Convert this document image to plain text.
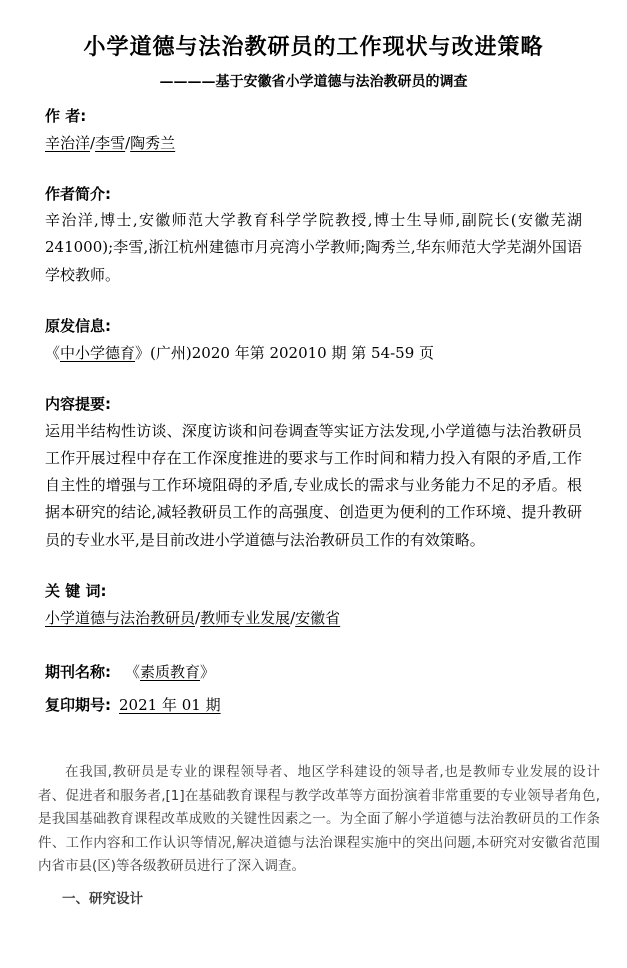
小学道德与法治教研员的工作现状与改进策略
————基于安徽省小学道德与法治教研员的调查
作 者:
辛治洋/李雪/陶秀兰
作者简介:

辛治洋,博士,安徽师范大学教育科学学院教授,博士生导师,副院长(安徽芜湖 241000);李雪,浙江杭州建德市月亮湾小学教师;陶秀兰,华东师范大学芜湖外国语学校教师。

原发信息:
《中小学德育》(广州)2020 年第 202010 期 第 54-59 页
内容提要:

运用半结构性访谈、深度访谈和问卷调查等实证方法发现,小学道德与法治教研员工作开展过程中存在工作深度推进的要求与工作时间和精力投入有限的矛盾,工作自主性的增强与工作环境阻碍的矛盾,专业成长的需求与业务能力不足的矛盾。根据本研究的结论,减轻教研员工作的高强度、创造更为便利的工作环境、提升教研员的专业水平,是目前改进小学道德与法治教研员工作的有效策略。

关 键 词:
小学道德与法治教研员/教师专业发展/安徽省
期刊名称: 《素质教育》
复印期号: 2021 年 01 期

在我国,教研员是专业的课程领导者、地区学科建设的领导者,也是教师专业发展的设计者、促进者和服务者,[1]在基础教育课程与教学改革等方面扮演着非常重要的专业领导者角色,是我国基础教育课程改革成败的关键性因素之一。为全面了解小学道德与法治教研员的工作条件、工作内容和工作认识等情况,解决道德与法治课程实施中的突出问题,本研究对安徽省范围内省市县(区)等各级教研员进行了深入调查。

一、研究设计
